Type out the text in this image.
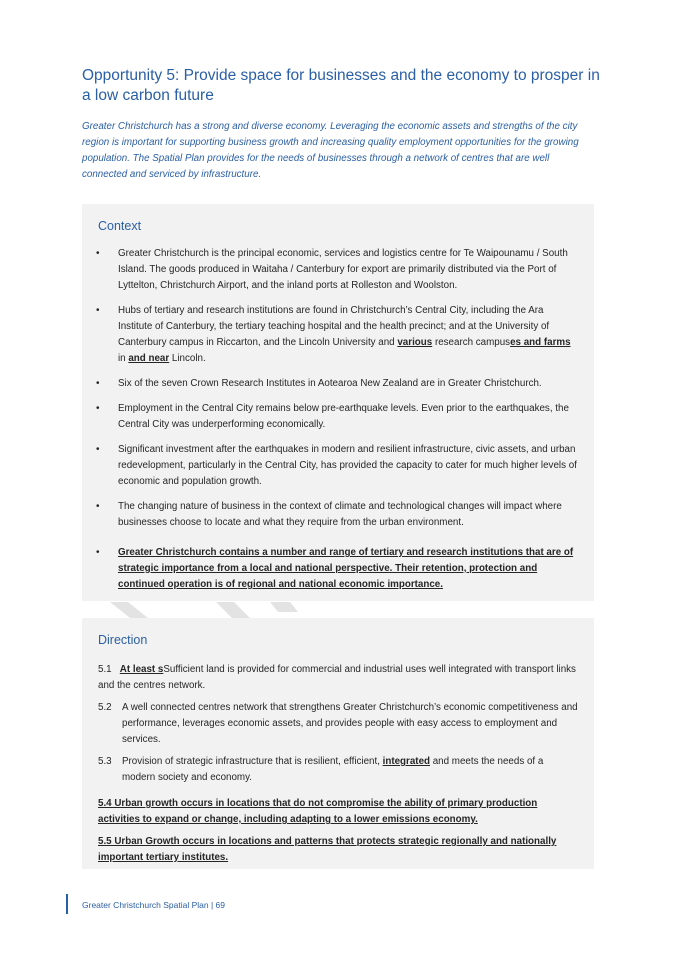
Opportunity 5: Provide space for businesses and the economy to prosper in a low carbon future

Greater Christchurch has a strong and diverse economy. Leveraging the economic assets and strengths of the city region is important for supporting business growth and increasing quality employment opportunities for the growing population. The Spatial Plan provides for the needs of businesses through a network of centres that are well connected and serviced by infrastructure.

Context
• Greater Christchurch is the principal economic, services and logistics centre for Te Waipounamu / South Island. The goods produced in Waitaha / Canterbury for export are primarily distributed via the Port of Lyttelton, Christchurch Airport, and the inland ports at Rolleston and Woolston.
• Hubs of tertiary and research institutions are found in Christchurch’s Central City, including the Ara Institute of Canterbury, the tertiary teaching hospital and the health precinct; and at the University of Canterbury campus in Riccarton, and the Lincoln University and various research campuses and farms in and near Lincoln.
• Six of the seven Crown Research Institutes in Aotearoa New Zealand are in Greater Christchurch.
• Employment in the Central City remains below pre-earthquake levels. Even prior to the earthquakes, the Central City was underperforming economically.
• Significant investment after the earthquakes in modern and resilient infrastructure, civic assets, and urban redevelopment, particularly in the Central City, has provided the capacity to cater for much higher levels of economic and population growth.
• The changing nature of business in the context of climate and technological changes will impact where businesses choose to locate and what they require from the urban environment.
• Greater Christchurch contains a number and range of tertiary and research institutions that are of strategic importance from a local and national perspective. Their retention, protection and continued operation is of regional and national economic importance.
Direction
5.1 At least sSufficient land is provided for commercial and industrial uses well integrated with transport links and the centres network.
5.2 A well connected centres network that strengthens Greater Christchurch’s economic competitiveness and performance, leverages economic assets, and provides people with easy access to employment and services.
5.3 Provision of strategic infrastructure that is resilient, efficient, integrated and meets the needs of a modern society and economy.
5.4 Urban growth occurs in locations that do not compromise the ability of primary production activities to expand or change, including adapting to a lower emissions economy.
5.5 Urban Growth occurs in locations and patterns that protects strategic regionally and nationally important tertiary institutes.
Greater Christchurch Spatial Plan | 69
